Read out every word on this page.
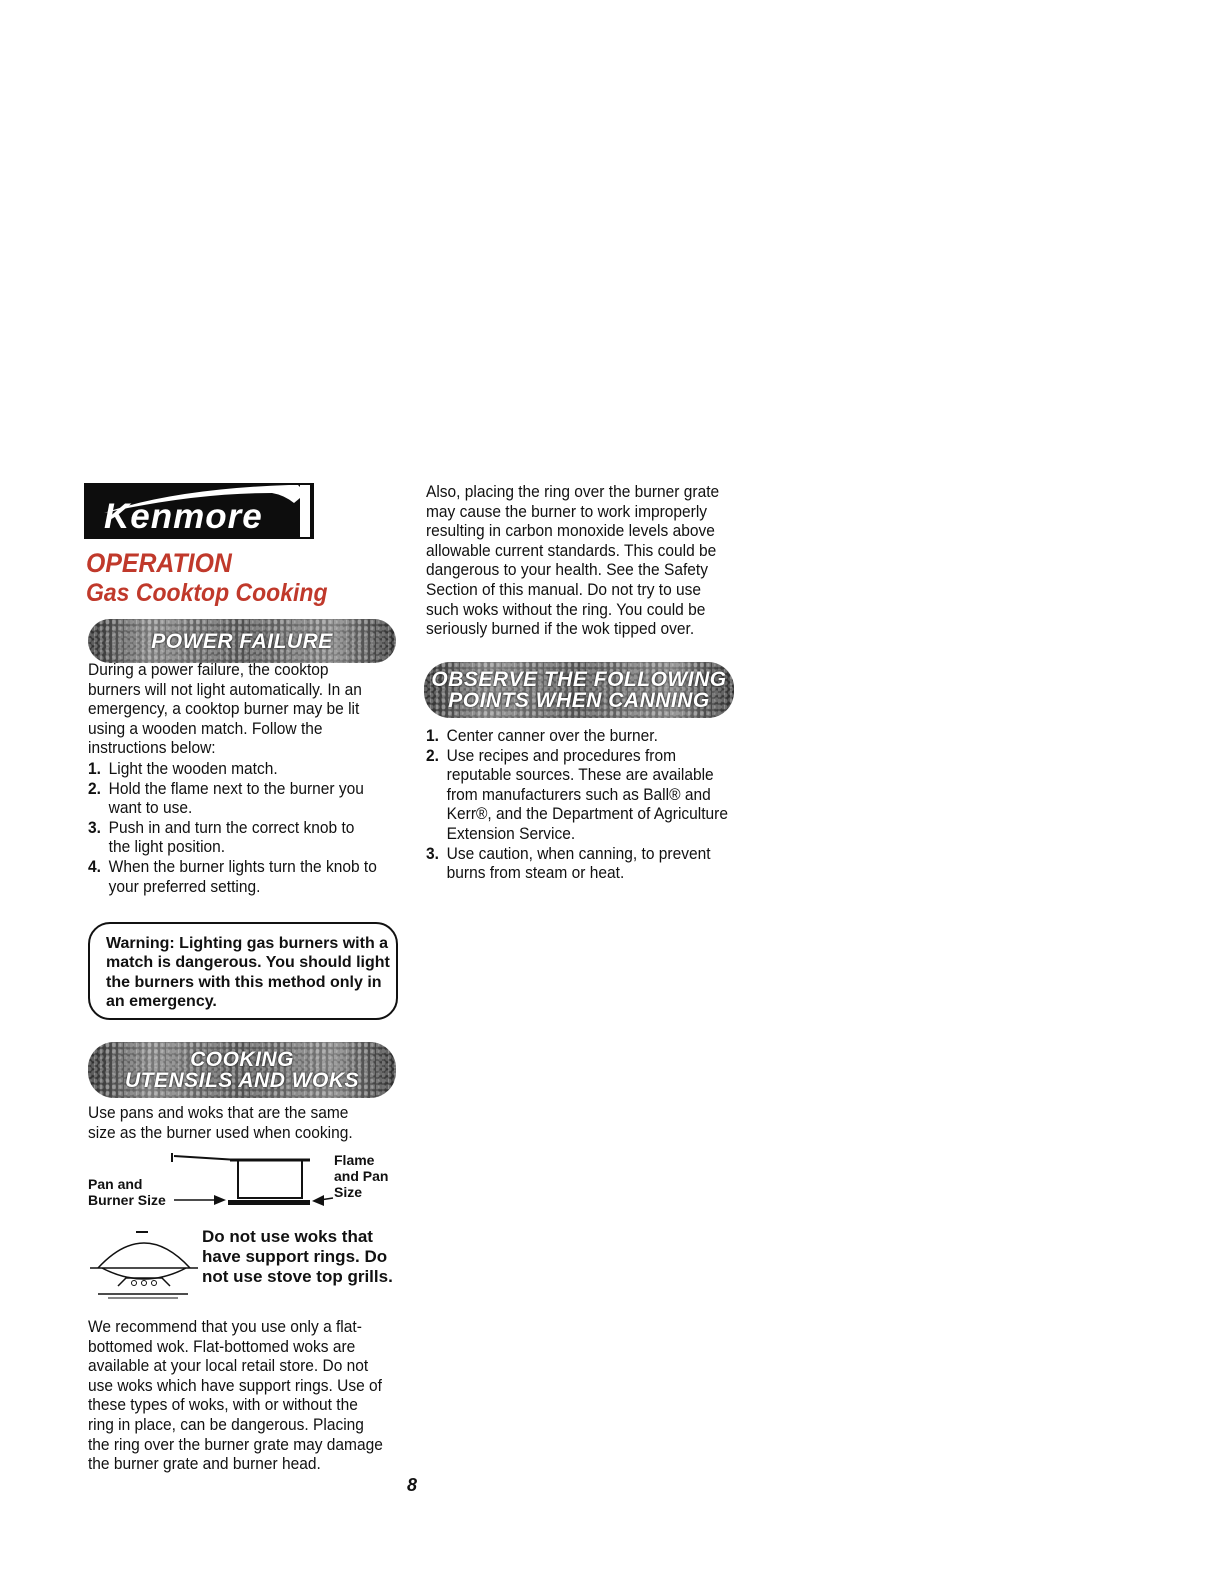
Kenmore
OPERATION
Gas Cooktop Cooking
POWER FAILURE

During a power failure, the cooktop burners will not light automatically. In an emergency, a cooktop burner may be lit using a wooden match. Follow the instructions below:

1. Light the wooden match.
2. Hold the flame next to the burner you want to use.
3. Push in and turn the correct knob to the light position.
4. When the burner lights turn the knob to your preferred setting.

Warning: Lighting gas burners with a match is dangerous. You should light the burners with this method only in an emergency.

COOKING
UTENSILS AND WOKS

Use pans and woks that are the same size as the burner used when cooking.

Pan and Burner Size

Flame and Pan Size

Do not use woks that have support rings. Do not use stove top grills.

We recommend that you use only a flat-bottomed wok. Flat-bottomed woks are available at your local retail store. Do not use woks which have support rings. Use of these types of woks, with or without the ring in place, can be dangerous. Placing the ring over the burner grate may damage the burner grate and burner head.

Also, placing the ring over the burner grate may cause the burner to work improperly resulting in carbon monoxide levels above allowable current standards. This could be dangerous to your health. See the Safety Section of this manual. Do not try to use such woks without the ring. You could be seriously burned if the wok tipped over.

OBSERVE THE FOLLOWING
POINTS WHEN CANNING
1. Center canner over the burner.
2. Use recipes and procedures from reputable sources. These are available from manufacturers such as Ball® and Kerr®, and the Department of Agriculture Extension Service.
3. Use caution, when canning, to prevent burns from steam or heat.

8
